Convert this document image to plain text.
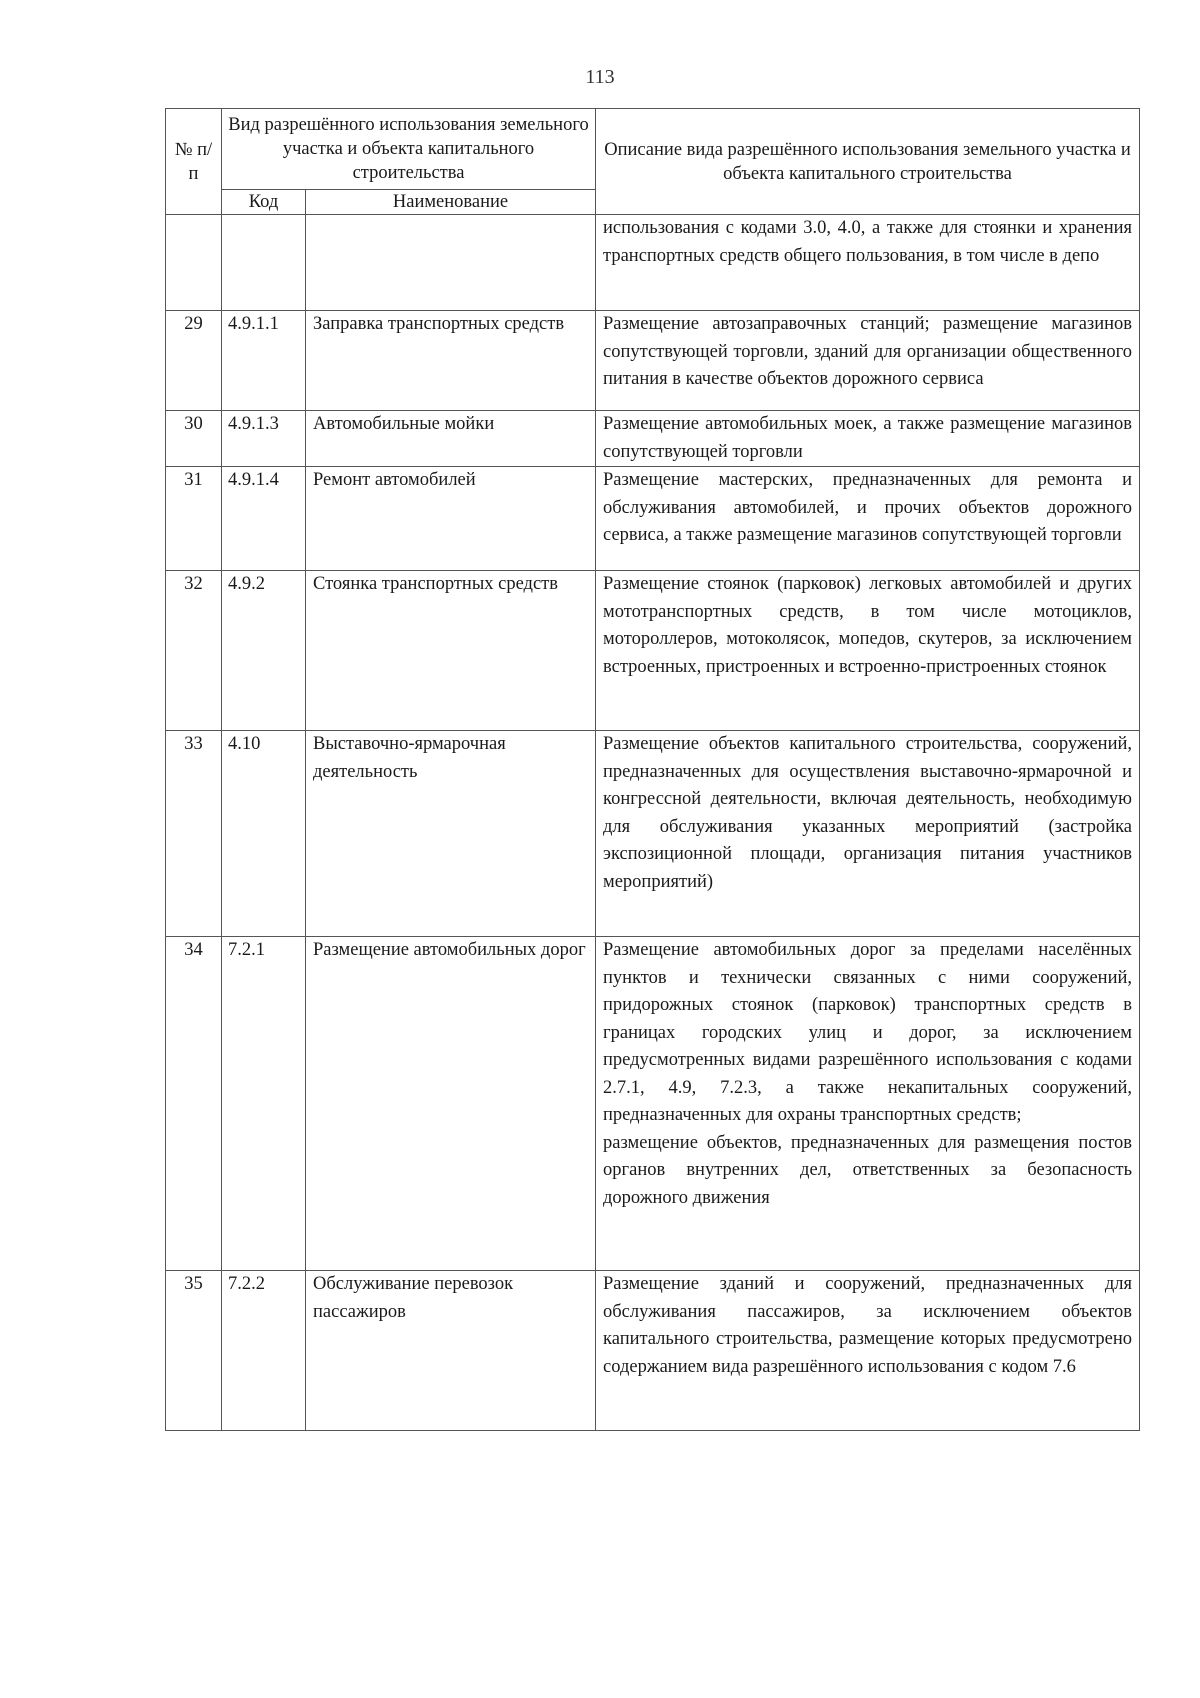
113
№ п/п	Вид разрешённого использования земельного участка и объекта капитального строительства		Описание вида разрешённого использования земельного участка и объекта капитального строительства
	Код	Наименование	

			использования с кодами 3.0, 4.0, а также для стоянки и хранения транспортных средств общего пользования, в том числе в депо

29	4.9.1.1	Заправка транспортных средств	Размещение автозаправочных станций; размещение магазинов сопутствующей торговли, зданий для организации общественного питания в качестве объектов дорожного сервиса

30	4.9.1.3	Автомобильные мойки	Размещение автомобильных моек, а также размещение магазинов сопутствующей торговли

31	4.9.1.4	Ремонт автомобилей	Размещение мастерских, предназначенных для ремонта и обслуживания автомобилей, и прочих объектов дорожного сервиса, а также размещение магазинов сопутствующей торговли

32	4.9.2	Стоянка транспортных средств	Размещение стоянок (парковок) легковых автомобилей и других мототранспортных средств, в том числе мотоциклов, мотороллеров, мотоколясок, мопедов, скутеров, за исключением встроенных, пристроенных и встроенно-пристроенных стоянок

33	4.10	Выставочно-ярмарочная деятельность	Размещение объектов капитального строительства, сооружений, предназначенных для осуществления выставочно-ярмарочной и конгрессной деятельности, включая деятельность, необходимую для обслуживания указанных мероприятий (застройка экспозиционной площади, организация питания участников мероприятий)

34	7.2.1	Размещение автомобильных дорог	Размещение автомобильных дорог за пределами населённых пунктов и технически связанных с ними сооружений, придорожных стоянок (парковок) транспортных средств в границах городских улиц и дорог, за исключением предусмотренных видами разрешённого использования с кодами 2.7.1, 4.9, 7.2.3, а также некапитальных сооружений, предназначенных для охраны транспортных средств;

размещение объектов, предназначенных для размещения постов органов внутренних дел, ответственных за безопасность дорожного движения

35	7.2.2	Обслуживание перевозок пассажиров	Размещение зданий и сооружений, предназначенных для обслуживания пассажиров, за исключением объектов капитального строительства, размещение которых предусмотрено содержанием вида разрешённого использования с кодом 7.6
